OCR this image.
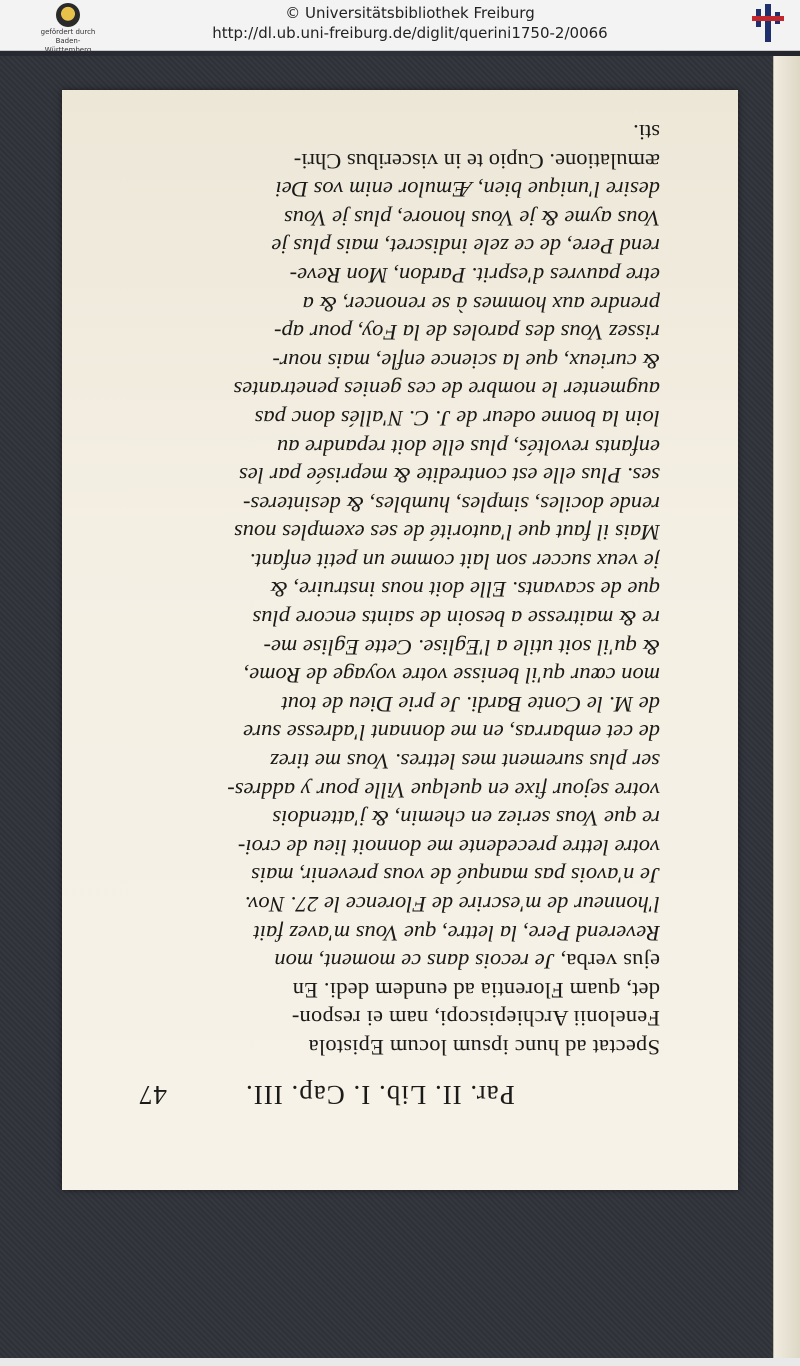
Par. II. Lib. I. Cap. III.
47

Spectat ad hunc ipsum locum Epistola
Fenelonii Archiepiscopi, nam ei respon-
det, quam Florentia ad eundem dedi. En

ejus verba, Je recois dans ce moment, mon
Reverend Pere, la lettre, que Vous m'avez fait
l'honneur de m'escrire de Florence le 27. Nov.
Je n'avois pas manqué de vous prevenir, mais
votre lettre precedente me donnoit lieu de croi-
re que Vous seriez en chemin, & j'attendois
votre sejour fixe en quelque Ville pour y addres-
ser plus surement mes lettres. Vous me tirez
de cet embarras, en me donnant l'adresse sure
de M. le Conte Bardi. Je prie Dieu de tout
mon cœur qu'il benisse votre voyage de Rome,
& qu'il soit utile a l'Eglise. Cette Eglise me-
re & maitresse a besoin de saints encore plus
que de scavants. Elle doit nous instruire, &
je veux succer son lait comme un petit enfant.
Mais il faut que l'autorité de ses exemples nous
rende dociles, simples, humbles, & desinteres-
ses. Plus elle est contredite & meprisée par les
enfants revoltés, plus elle doit repandre au
loin la bonne odeur de J. C. N'allés donc pas
augmenter le nombre de ces genies penetrantes
& curieux, que la science enfle, mais nour-
rissez Vous des paroles de la Foy, pour ap-
prendre aux hommes à se renoncer, & a
etre pauvres d'esprit. Pardon, Mon Reve-
rend Pere, de ce zele indiscret, mais plus je
Vous ayme & je Vous honore, plus je Vous
desire l'unique bien, Æmulor enim vos Dei
æmulatione. Cupio te in visceribus Chri-
sti.

gefördert durch
Baden-Württemberg
© Universitätsbibliothek Freiburg
http://dl.ub.uni-freiburg.de/diglit/querini1750-2/0066
